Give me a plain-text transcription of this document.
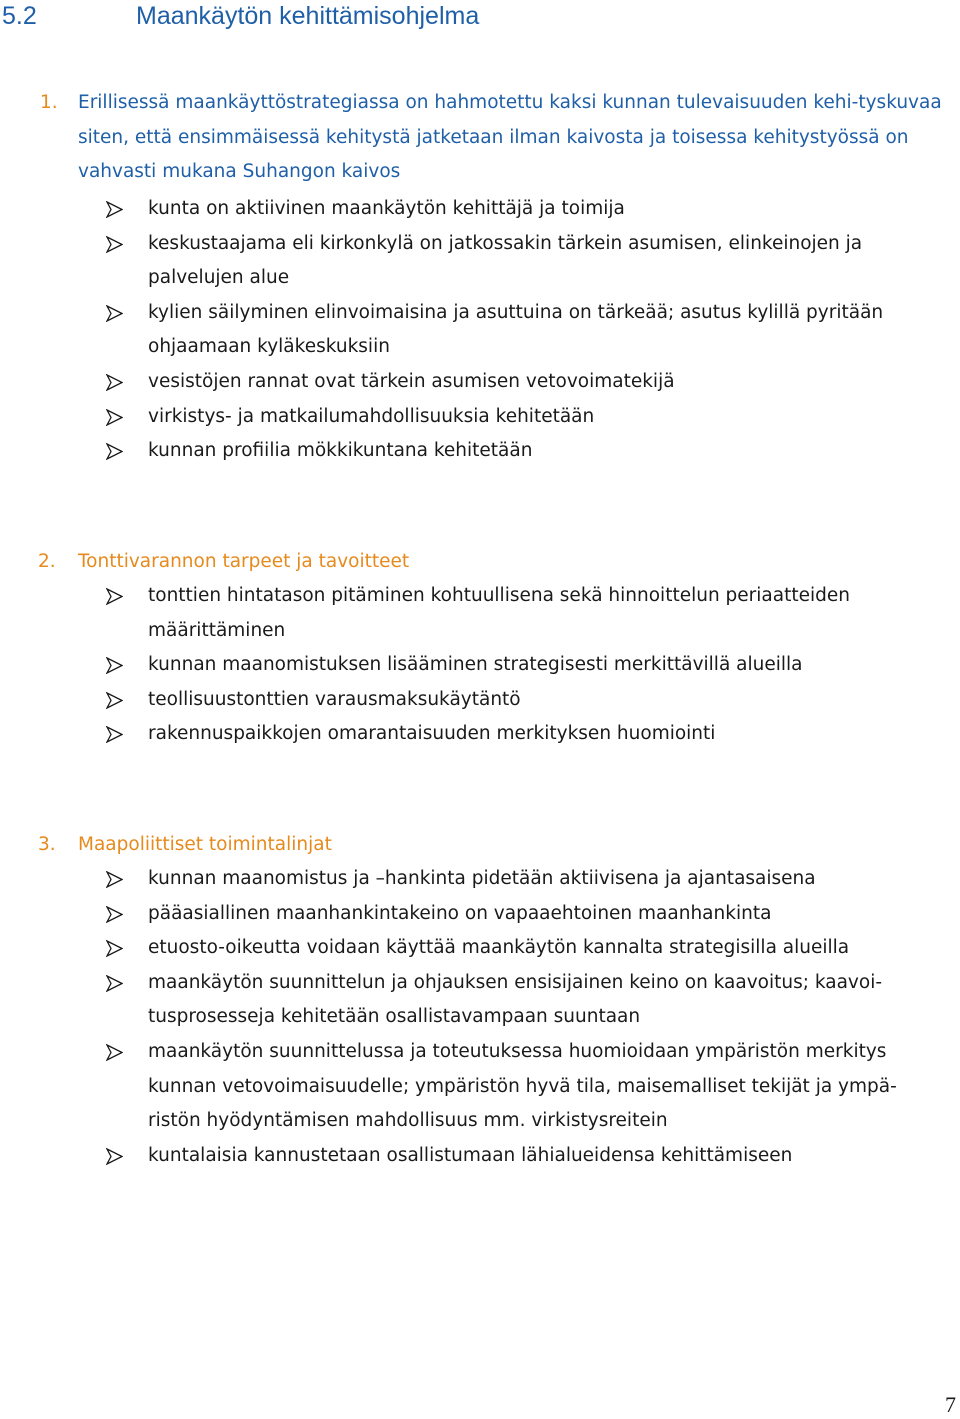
5.2	Maankäytön kehittämisohjelma

1. Erillisessä maankäyttöstrategiassa on hahmotettu kaksi kunnan tulevaisuuden kehi-tyskuvaa siten, että ensimmäisessä kehitystä jatketaan ilman kaivosta ja toisessa kehitystyössä on vahvasti mukana Suhangon kaivos

kunta on aktiivinen maankäytön kehittäjä ja toimija
keskustaajama eli kirkonkylä on jatkossakin tärkein asumisen, elinkeinojen ja palvelujen alue
kylien säilyminen elinvoimaisina ja asuttuina on tärkeää; asutus kylillä pyritään ohjaamaan kyläkeskuksiin
vesistöjen rannat ovat tärkein asumisen vetovoimatekijä
virkistys- ja matkailumahdollisuuksia kehitetään
kunnan profiilia mökkikuntana kehitetään

2. Tonttivarannon tarpeet ja tavoitteet

tonttien hintatason pitäminen kohtuullisena sekä hinnoittelun periaatteiden määrittäminen
kunnan maanomistuksen lisääminen strategisesti merkittävillä alueilla
teollisuustonttien varausmaksukäytäntö
rakennuspaikkojen omarantaisuuden merkityksen huomiointi

3. Maapoliittiset toimintalinjat

kunnan maanomistus ja –hankinta pidetään aktiivisena ja ajantasaisena
pääasiallinen maanhankintakeino on vapaaehtoinen maanhankinta
etuosto-oikeutta voidaan käyttää maankäytön kannalta strategisilla alueilla
maankäytön suunnittelun ja ohjauksen ensisijainen keino on kaavoitus; kaavoi-tusprosesseja kehitetään osallistavampaan suuntaan
maankäytön suunnittelussa ja toteutuksessa huomioidaan ympäristön merkitys kunnan vetovoimaisuudelle; ympäristön hyvä tila, maisemalliset tekijät ja ympä-ristön hyödyntämisen mahdollisuus mm. virkistysreitein
kuntalaisia kannustetaan osallistumaan lähialueidensa kehittämiseen
7
